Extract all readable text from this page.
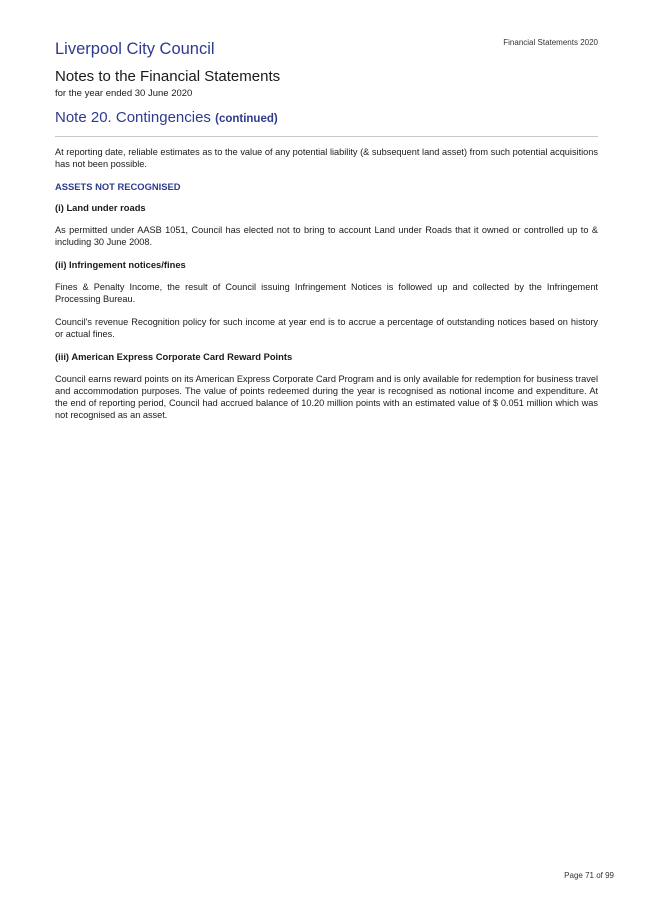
Liverpool City Council	Financial Statements 2020
Notes to the Financial Statements
for the year ended 30 June 2020
Note 20. Contingencies (continued)

At reporting date, reliable estimates as to the value of any potential liability (& subsequent land asset) from such potential acquisitions has not been possible.

ASSETS NOT RECOGNISED
(i) Land under roads

As permitted under AASB 1051, Council has elected not to bring to account Land under Roads that it owned or controlled up to & including 30 June 2008.

(ii) Infringement notices/fines

Fines & Penalty Income, the result of Council issuing Infringement Notices is followed up and collected by the Infringement Processing Bureau.

Council's revenue Recognition policy for such income at year end is to accrue a percentage of outstanding notices based on history or actual fines.

(iii) American Express Corporate Card Reward Points

Council earns reward points on its American Express Corporate Card Program and is only available for redemption for business travel and accommodation purposes. The value of points redeemed during the year is recognised as notional income and expenditure. At the end of reporting period, Council had accrued balance of 10.20 million points with an estimated value of $ 0.051 million which was not recognised as an asset.

Page 71 of 99
